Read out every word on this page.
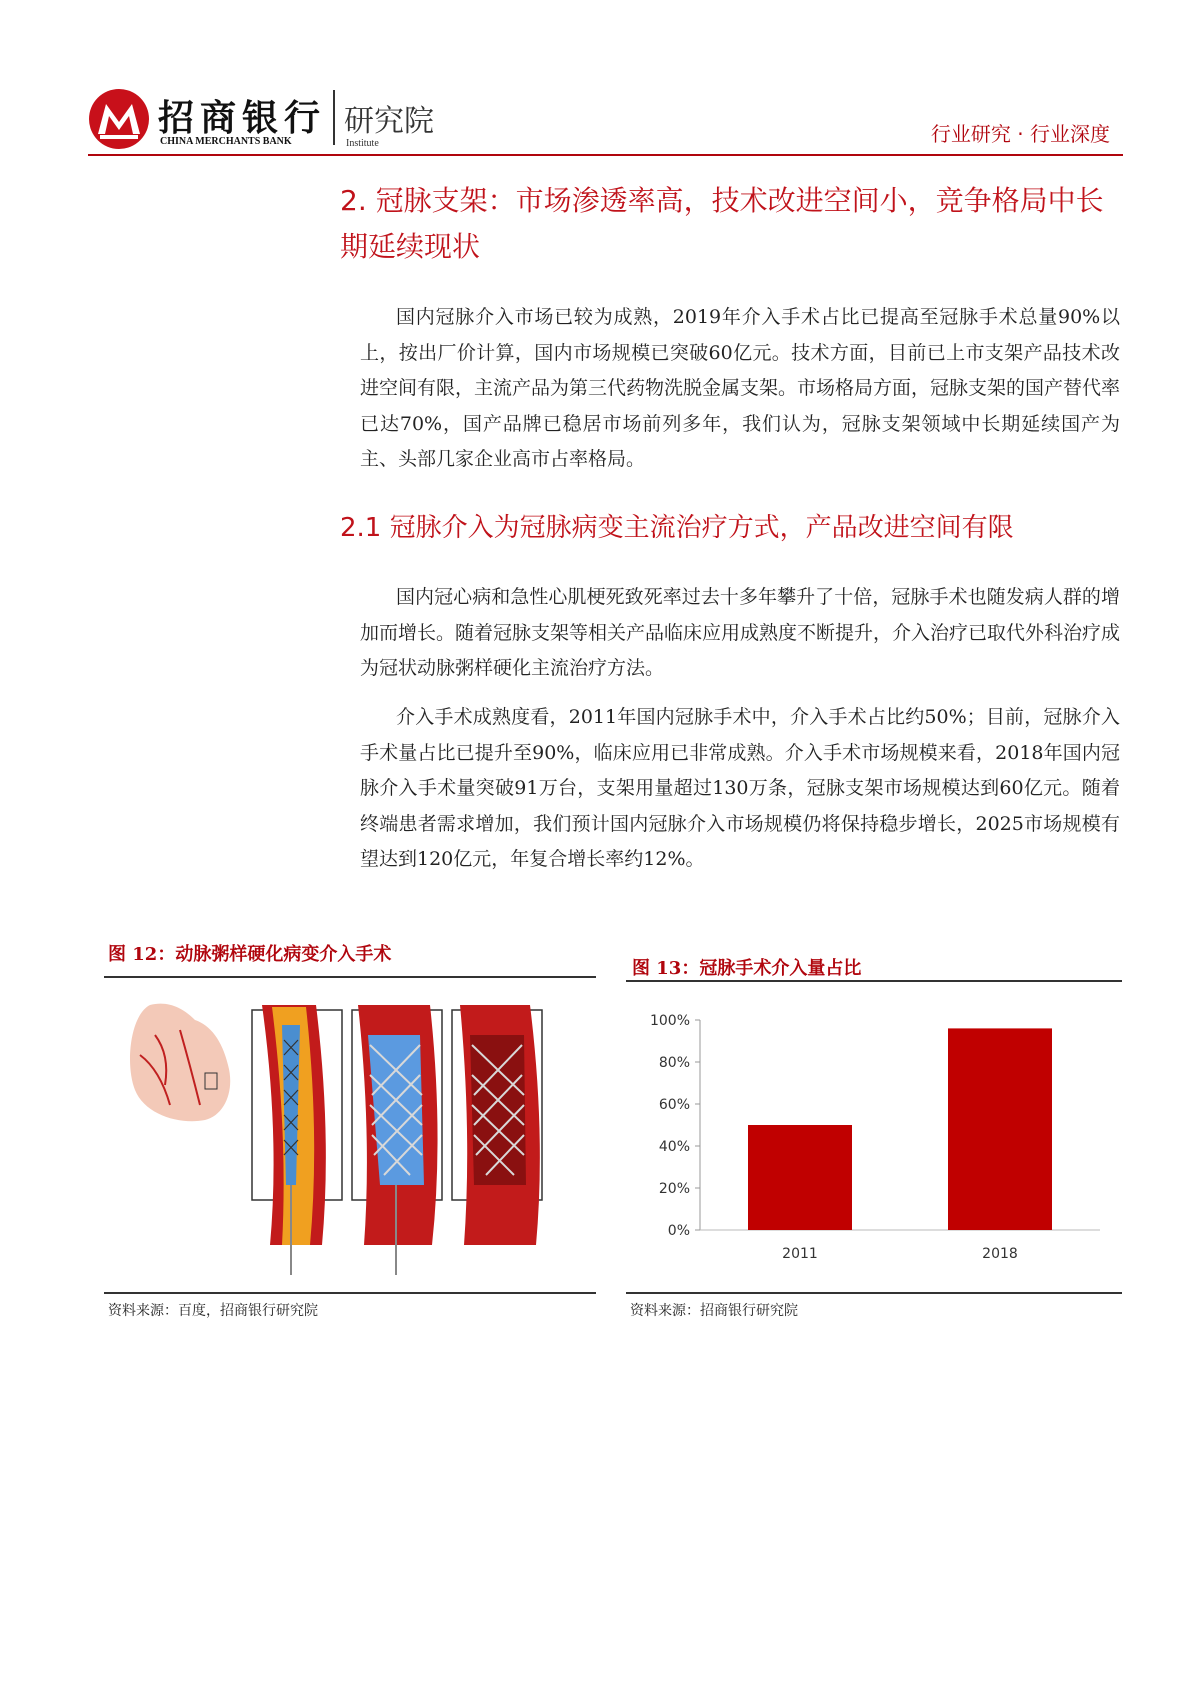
招商银行
CHINA MERCHANTS BANK
研究院
Institute	行业研究 · 行业深度
2. 冠脉支架：市场渗透率高，技术改进空间小，竞争格局中长期延续现状

国内冠脉介入市场已较为成熟，2019年介入手术占比已提高至冠脉手术总量90%以上，按出厂价计算，国内市场规模已突破60亿元。技术方面，目前已上市支架产品技术改进空间有限，主流产品为第三代药物洗脱金属支架。市场格局方面，冠脉支架的国产替代率已达70%，国产品牌已稳居市场前列多年，我们认为，冠脉支架领域中长期延续国产为主、头部几家企业高市占率格局。

2.1 冠脉介入为冠脉病变主流治疗方式，产品改进空间有限

国内冠心病和急性心肌梗死致死率过去十多年攀升了十倍，冠脉手术也随发病人群的增加而增长。随着冠脉支架等相关产品临床应用成熟度不断提升，介入治疗已取代外科治疗成为冠状动脉粥样硬化主流治疗方法。

介入手术成熟度看，2011年国内冠脉手术中，介入手术占比约50%；目前，冠脉介入手术量占比已提升至90%，临床应用已非常成熟。介入手术市场规模来看，2018年国内冠脉介入手术量突破91万台，支架用量超过130万条，冠脉支架市场规模达到60亿元。随着终端患者需求增加，我们预计国内冠脉介入市场规模仍将保持稳步增长，2025市场规模有望达到120亿元，年复合增长率约12%。

图 12：动脉粥样硬化病变介入手术
资料来源：百度，招商银行研究院
图 13：冠脉手术介入量占比
0%
20%
40%
60%
80%
100%
2011	2018
资料来源：招商银行研究院
